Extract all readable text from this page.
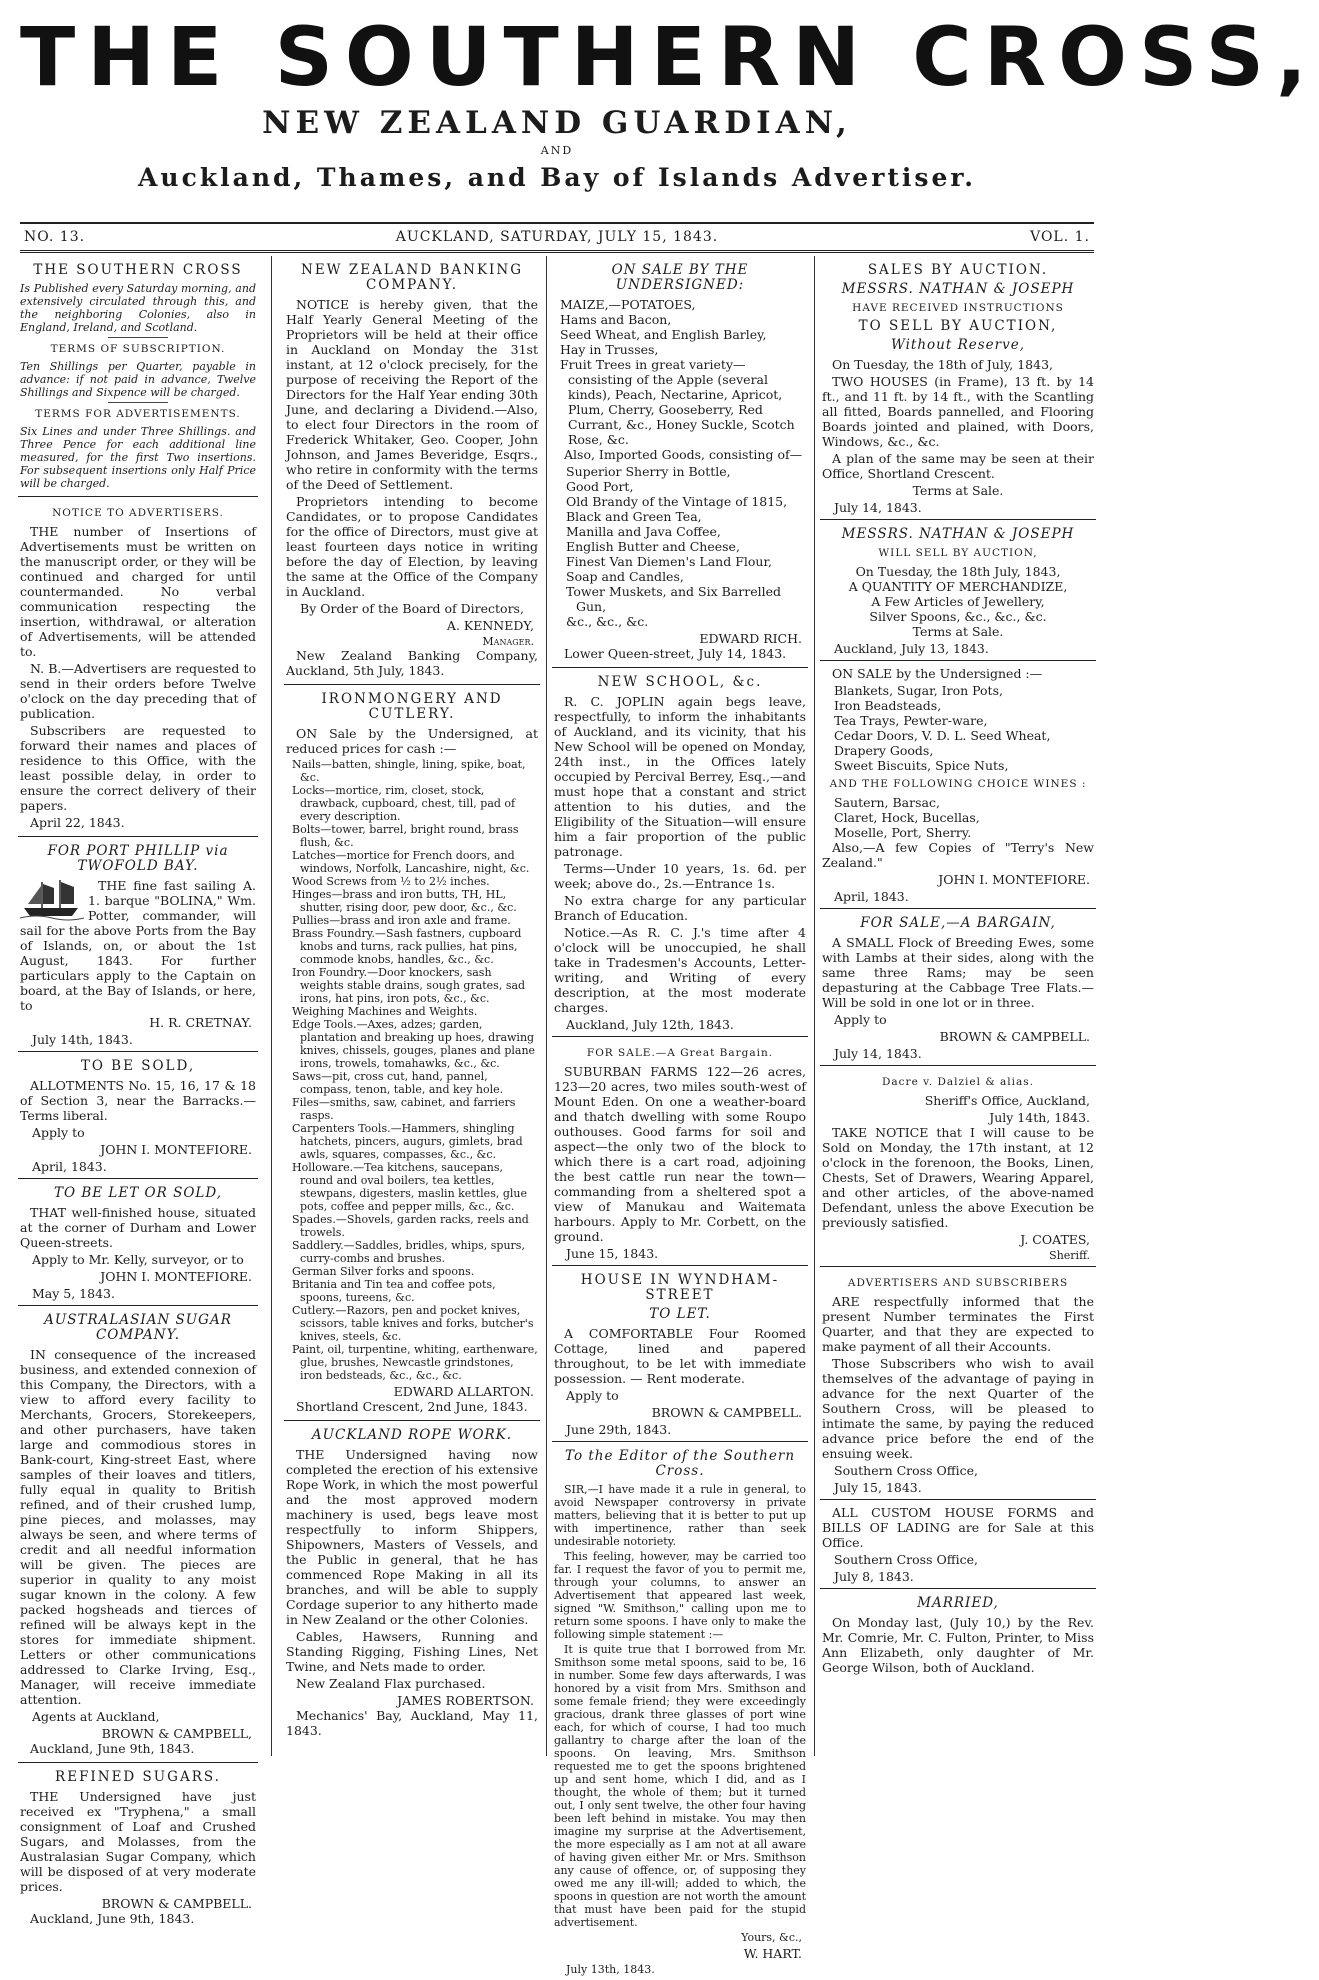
THE SOUTHERN CROSS,
NEW ZEALAND GUARDIAN,
AND
Auckland, Thames, and Bay of Islands Advertiser.
AUCKLAND, SATURDAY, JULY 15, 1843.
NO. 13.	VOL. 1.
THE SOUTHERN CROSS
Is Published every Saturday morning, and extensively circulated through this, and the neighboring Colonies, also in England, Ireland, and Scotland.
TERMS OF SUBSCRIPTION.
Ten Shillings per Quarter, payable in advance: if not paid in advance, Twelve Shillings and Sixpence will be charged.
TERMS FOR ADVERTISEMENTS.
Six Lines and under Three Shillings. and Three Pence for each additional line measured, for the first Two insertions. For subsequent insertions only Half Price will be charged.
NOTICE TO ADVERTISERS.
THE number of Insertions of Advertisements must be written on the manuscript order, or they will be continued and charged for until countermanded. No verbal communication respecting the insertion, withdrawal, or alteration of Advertisements, will be attended to.
N. B.—Advertisers are requested to send in their orders before Twelve o'clock on the day preceding that of publication.
Subscribers are requested to forward their names and places of residence to this Office, with the least possible delay, in order to ensure the correct delivery of their papers.
April 22, 1843.
FOR PORT PHILLIP via TWOFOLD BAY.
THE fine fast sailing A. 1. barque "BOLINA," Wm. Potter, commander, will sail for the above Ports from the Bay of Islands, on, or about the 1st August, 1843. For further particulars apply to the Captain on board, at the Bay of Islands, or here, to
H. R. CRETNAY.
July 14th, 1843.
TO BE SOLD,
ALLOTMENTS No. 15, 16, 17 & 18 of Section 3, near the Barracks.—Terms liberal.
Apply to
JOHN I. MONTEFIORE.
April, 1843.
TO BE LET OR SOLD,
THAT well-finished house, situated at the corner of Durham and Lower Queen-streets.
Apply to Mr. Kelly, surveyor, or to
JOHN I. MONTEFIORE.
May 5, 1843.
AUSTRALASIAN SUGAR COMPANY.
IN consequence of the increased business, and extended connexion of this Company, the Directors, with a view to afford every facility to Merchants, Grocers, Storekeepers, and other purchasers, have taken large and commodious stores in Bank-court, King-street East, where samples of their loaves and titlers, fully equal in quality to British refined, and of their crushed lump, pine pieces, and molasses, may always be seen, and where terms of credit and all needful information will be given. The pieces are superior in quality to any moist sugar known in the colony. A few packed hogsheads and tierces of refined will be always kept in the stores for immediate shipment. Letters or other communications addressed to Clarke Irving, Esq., Manager, will receive immediate attention.
Agents at Auckland,
BROWN & CAMPBELL,
Auckland, June 9th, 1843.
REFINED SUGARS.
THE Undersigned have just received ex "Tryphena," a small consignment of Loaf and Crushed Sugars, and Molasses, from the Australasian Sugar Company, which will be disposed of at very moderate prices.
BROWN & CAMPBELL.
Auckland, June 9th, 1843.
NEW ZEALAND BANKING COMPANY.
NOTICE is hereby given, that the Half Yearly General Meeting of the Proprietors will be held at their office in Auckland on Monday the 31st instant, at 12 o'clock precisely, for the purpose of receiving the Report of the Directors for the Half Year ending 30th June, and declaring a Dividend.—Also, to elect four Directors in the room of Frederick Whitaker, Geo. Cooper, John Johnson, and James Beveridge, Esqrs., who retire in conformity with the terms of the Deed of Settlement.
Proprietors intending to become Candidates, or to propose Candidates for the office of Directors, must give at least fourteen days notice in writing before the day of Election, by leaving the same at the Office of the Company in Auckland.
By Order of the Board of Directors,
A. KENNEDY,
Manager.
New Zealand Banking Company, Auckland, 5th July, 1843.
IRONMONGERY AND CUTLERY.
ON Sale by the Undersigned, at reduced prices for cash :—
Nails—batten, shingle, lining, spike, boat, &c.
Locks—mortice, rim, closet, stock, drawback, cupboard, chest, till, pad of every description.
Bolts—tower, barrel, bright round, brass flush, &c.
Latches—mortice for French doors, and windows, Norfolk, Lancashire, night, &c.
Wood Screws from ½ to 2½ inches.
Hinges—brass and iron butts, TH, HL, shutter, rising door, pew door, &c., &c.
Pullies—brass and iron axle and frame.
Brass Foundry.—Sash fastners, cupboard knobs and turns, rack pullies, hat pins, commode knobs, handles, &c., &c.
Iron Foundry.—Door knockers, sash weights stable drains, sough grates, sad irons, hat pins, iron pots, &c., &c.
Weighing Machines and Weights.
Edge Tools.—Axes, adzes; garden, plantation and breaking up hoes, drawing knives, chissels, gouges, planes and plane irons, trowels, tomahawks, &c., &c.
Saws—pit, cross cut, hand, pannel, compass, tenon, table, and key hole.
Files—smiths, saw, cabinet, and farriers rasps.
Carpenters Tools.—Hammers, shingling hatchets, pincers, augurs, gimlets, brad awls, squares, compasses, &c., &c.
Holloware.—Tea kitchens, saucepans, round and oval boilers, tea kettles, stewpans, digesters, maslin kettles, glue pots, coffee and pepper mills, &c., &c.
Spades.—Shovels, garden racks, reels and trowels.
Saddlery.—Saddles, bridles, whips, spurs, curry-combs and brushes.
German Silver forks and spoons.
Britania and Tin tea and coffee pots, spoons, tureens, &c.
Cutlery.—Razors, pen and pocket knives, scissors, table knives and forks, butcher's knives, steels, &c.
Paint, oil, turpentine, whiting, earthenware, glue, brushes, Newcastle grindstones, iron bedsteads, &c., &c., &c.
EDWARD ALLARTON.
Shortland Crescent, 2nd June, 1843.
AUCKLAND ROPE WORK.
THE Undersigned having now completed the erection of his extensive Rope Work, in which the most powerful and the most approved modern machinery is used, begs leave most respectfully to inform Shippers, Shipowners, Masters of Vessels, and the Public in general, that he has commenced Rope Making in all its branches, and will be able to supply Cordage superior to any hitherto made in New Zealand or the other Colonies.
Cables, Hawsers, Running and Standing Rigging, Fishing Lines, Net Twine, and Nets made to order.
New Zealand Flax purchased.
JAMES ROBERTSON.
Mechanics' Bay, Auckland, May 11, 1843.
ON SALE BY THE UNDERSIGNED:
MAIZE,—POTATOES,
Hams and Bacon,
Seed Wheat, and English Barley,
Hay in Trusses,
Fruit Trees in great variety—consisting of the Apple (several kinds), Peach, Nectarine, Apricot, Plum, Cherry, Gooseberry, Red Currant, &c., Honey Suckle, Scotch Rose, &c.
Also, Imported Goods, consisting of—
Superior Sherry in Bottle,
Good Port,
Old Brandy of the Vintage of 1815,
Black and Green Tea,
Manilla and Java Coffee,
English Butter and Cheese,
Finest Van Diemen's Land Flour,
Soap and Candles,
Tower Muskets, and Six Barrelled Gun,
&c., &c., &c.
EDWARD RICH.
Lower Queen-street, July 14, 1843.
NEW SCHOOL, &c.
R. C. JOPLIN again begs leave, respectfully, to inform the inhabitants of Auckland, and its vicinity, that his New School will be opened on Monday, 24th inst., in the Offices lately occupied by Percival Berrey, Esq.,—and must hope that a constant and strict attention to his duties, and the Eligibility of the Situation—will ensure him a fair proportion of the public patronage.
Terms—Under 10 years, 1s. 6d. per week; above do., 2s.—Entrance 1s.
No extra charge for any particular Branch of Education.
Notice.—As R. C. J.'s time after 4 o'clock will be unoccupied, he shall take in Tradesmen's Accounts, Letter-writing, and Writing of every description, at the most moderate charges.
Auckland, July 12th, 1843.
FOR SALE.—A Great Bargain.
SUBURBAN FARMS 122—26 acres, 123—20 acres, two miles south-west of Mount Eden. On one a weather-board and thatch dwelling with some Roupo outhouses. Good farms for soil and aspect—the only two of the block to which there is a cart road, adjoining the best cattle run near the town—commanding from a sheltered spot a view of Manukau and Waitemata harbours. Apply to Mr. Corbett, on the ground.
June 15, 1843.
HOUSE IN WYNDHAM-STREET
TO LET.
A COMFORTABLE Four Roomed Cottage, lined and papered throughout, to be let with immediate possession. — Rent moderate.
Apply to
BROWN & CAMPBELL.
June 29th, 1843.
To the Editor of the Southern Cross.
SIR,—I have made it a rule in general, to avoid Newspaper controversy in private matters, believing that it is better to put up with impertinence, rather than seek undesirable notoriety.
This feeling, however, may be carried too far. I request the favor of you to permit me, through your columns, to answer an Advertisement that appeared last week, signed "W. Smithson," calling upon me to return some spoons. I have only to make the following simple statement :—
It is quite true that I borrowed from Mr. Smithson some metal spoons, said to be, 16 in number. Some few days afterwards, I was honored by a visit from Mrs. Smithson and some female friend; they were exceedingly gracious, drank three glasses of port wine each, for which of course, I had too much gallantry to charge after the loan of the spoons. On leaving, Mrs. Smithson requested me to get the spoons brightened up and sent home, which I did, and as I thought, the whole of them; but it turned out, I only sent twelve, the other four having been left behind in mistake. You may then imagine my surprise at the Advertisement, the more especially as I am not at all aware of having given either Mr. or Mrs. Smithson any cause of offence, or, of supposing they owed me any ill-will; added to which, the spoons in question are not worth the amount that must have been paid for the stupid advertisement.
Yours, &c.,
W. HART.
July 13th, 1843.
SALES BY AUCTION.
MESSRS. NATHAN & JOSEPH
HAVE RECEIVED INSTRUCTIONS
TO SELL BY AUCTION,
Without Reserve,
On Tuesday, the 18th of July, 1843,
TWO HOUSES (in Frame), 13 ft. by 14 ft., and 11 ft. by 14 ft., with the Scantling all fitted, Boards pannelled, and Flooring Boards jointed and plained, with Doors, Windows, &c., &c.
A plan of the same may be seen at their Office, Shortland Crescent.
Terms at Sale.
July 14, 1843.
MESSRS. NATHAN & JOSEPH
WILL SELL BY AUCTION,
On Tuesday, the 18th July, 1843,
A QUANTITY OF MERCHANDIZE,
A Few Articles of Jewellery,
Silver Spoons, &c., &c., &c.
Terms at Sale.
Auckland, July 13, 1843.
ON SALE by the Undersigned :—
Blankets, Sugar, Iron Pots,
Iron Beadsteads,
Tea Trays, Pewter-ware,
Cedar Doors, V. D. L. Seed Wheat,
Drapery Goods,
Sweet Biscuits, Spice Nuts,
AND THE FOLLOWING CHOICE WINES :
Sautern, Barsac,
Claret, Hock, Bucellas,
Moselle, Port, Sherry.
Also,—A few Copies of "Terry's New Zealand."
JOHN I. MONTEFIORE.
April, 1843.
FOR SALE,—A BARGAIN,
A SMALL Flock of Breeding Ewes, some with Lambs at their sides, along with the same three Rams; may be seen depasturing at the Cabbage Tree Flats.—Will be sold in one lot or in three.
Apply to
BROWN & CAMPBELL.
July 14, 1843.
Dacre v. Dalziel & alias.
Sheriff's Office, Auckland,
July 14th, 1843.
TAKE NOTICE that I will cause to be Sold on Monday, the 17th instant, at 12 o'clock in the forenoon, the Books, Linen, Chests, Set of Drawers, Wearing Apparel, and other articles, of the above-named Defendant, unless the above Execution be previously satisfied.
J. COATES,
Sheriff.
ADVERTISERS AND SUBSCRIBERS
ARE respectfully informed that the present Number terminates the First Quarter, and that they are expected to make payment of all their Accounts.
Those Subscribers who wish to avail themselves of the advantage of paying in advance for the next Quarter of the Southern Cross, will be pleased to intimate the same, by paying the reduced advance price before the end of the ensuing week.
Southern Cross Office,
July 15, 1843.
ALL CUSTOM HOUSE FORMS and BILLS OF LADING are for Sale at this Office.
Southern Cross Office,
July 8, 1843.
MARRIED,
On Monday last, (July 10,) by the Rev. Mr. Comrie, Mr. C. Fulton, Printer, to Miss Ann Elizabeth, only daughter of Mr. George Wilson, both of Auckland.
